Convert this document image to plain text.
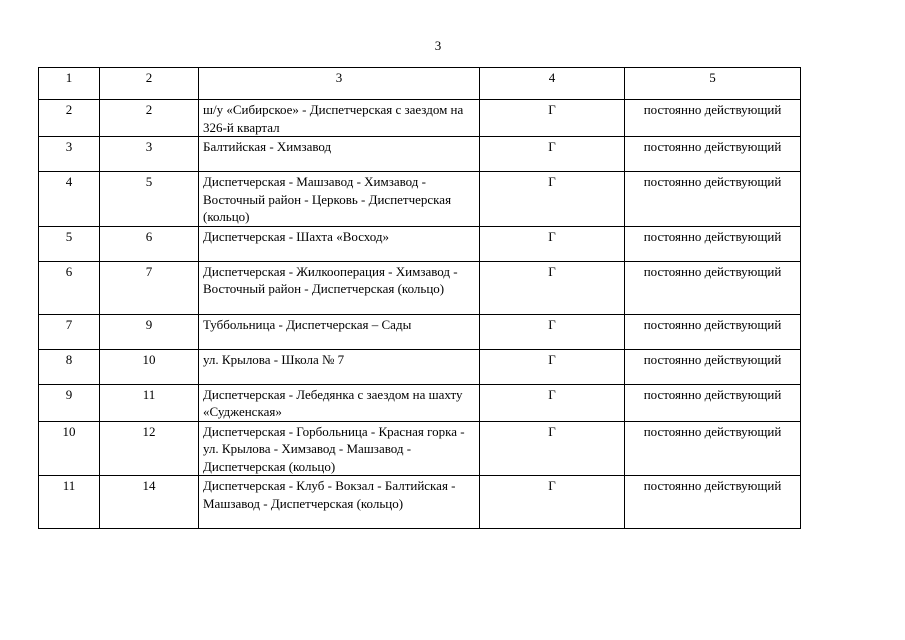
3
1	2	3	4	5
2	2	ш/у «Сибирское» - Диспетчерская с заездом на 326-й квартал	Г	постоянно действующий
3	3	Балтийская - Химзавод	Г	постоянно действующий
4	5	Диспетчерская - Машзавод - Химзавод - Восточный район - Церковь - Диспетчерская (кольцо)	Г	постоянно действующий
5	6	Диспетчерская - Шахта «Восход»	Г	постоянно действующий
6	7	Диспетчерская - Жилкооперация - Химзавод - Восточный район - Диспетчерская (кольцо)	Г	постоянно действующий
7	9	Туббольница - Диспетчерская – Сады	Г	постоянно действующий
8	10	ул. Крылова - Школа № 7	Г	постоянно действующий
9	11	Диспетчерская - Лебедянка с заездом на шахту «Судженская»	Г	постоянно действующий
10	12	Диспетчерская - Горбольница - Красная горка - ул. Крылова - Химзавод - Машзавод - Диспетчерская (кольцо)	Г	постоянно действующий
11	14	Диспетчерская - Клуб - Вокзал - Балтийская - Машзавод - Диспетчерская (кольцо)	Г	постоянно действующий
